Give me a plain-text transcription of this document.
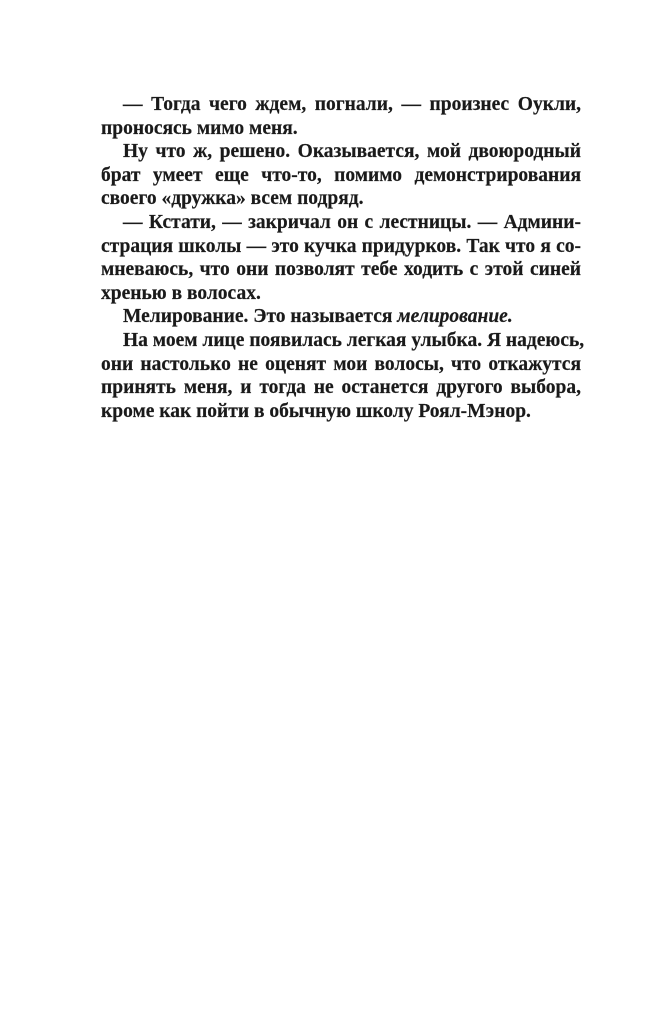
— Тогда чего ждем, погнали, — произнес Оукли,
проносясь мимо меня.
Ну что ж, решено. Оказывается, мой двоюродный
брат умеет еще что-то, помимо демонстрирования
своего «дружка» всем подряд.
— Кстати, — закричал он с лестницы. — Админи-
страция школы — это кучка придурков. Так что я со-
мневаюсь, что они позволят тебе ходить с этой синей
хренью в волосах.
Мелирование. Это называется мелирование.
На моем лице появилась легкая улыбка. Я надеюсь,
они настолько не оценят мои волосы, что откажутся
принять меня, и тогда не останется другого выбора,
кроме как пойти в обычную школу Роял-Мэнор.
